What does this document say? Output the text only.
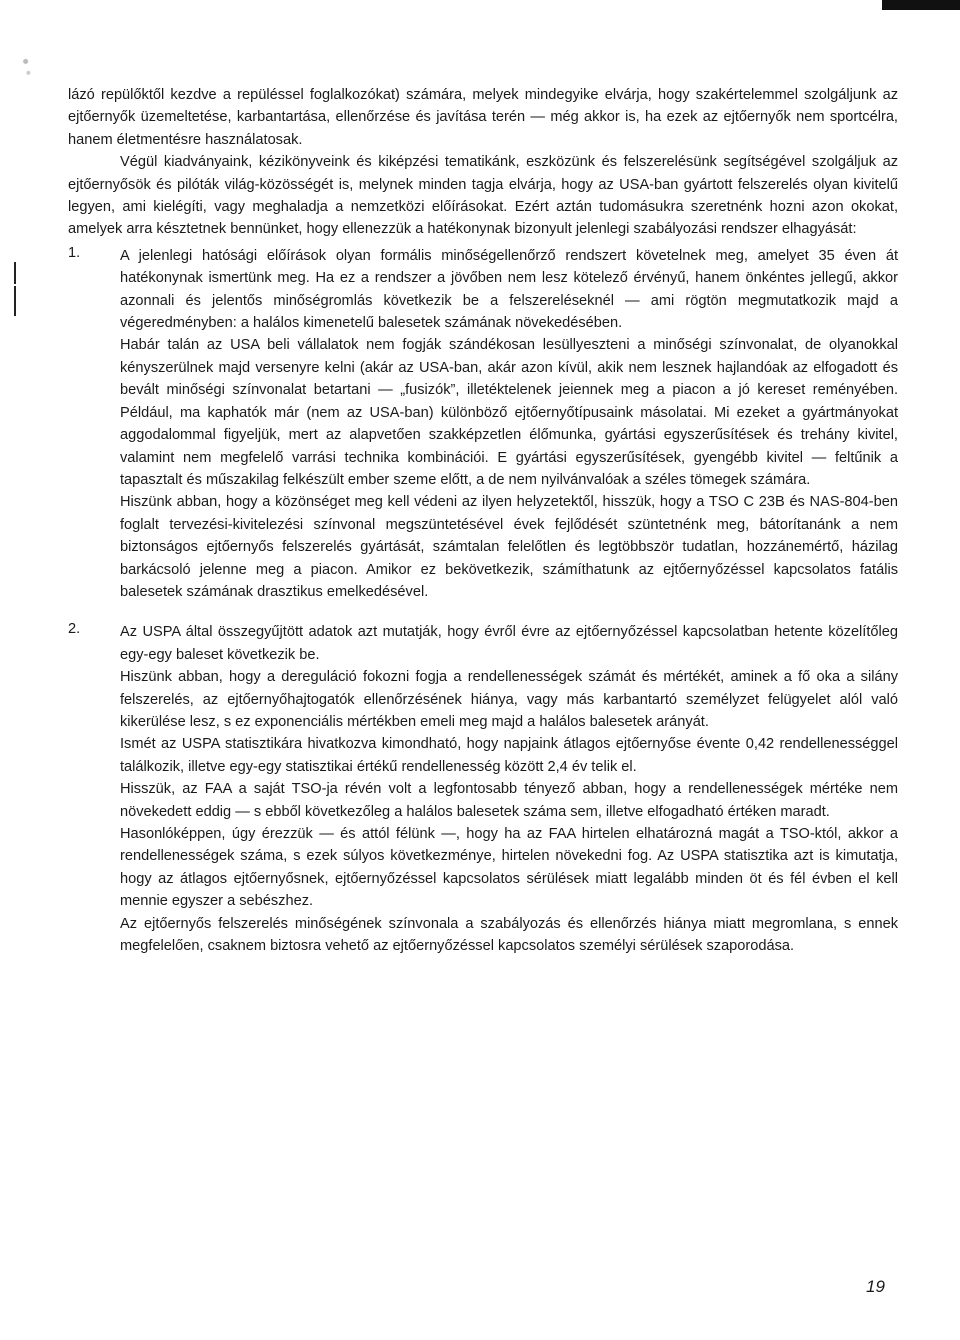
lázó repülőktől kezdve a repüléssel foglalkozókat) számára, melyek mindegyike elvárja, hogy szakértelemmel szolgáljunk az ejtőernyők üzemeltetése, karbantartása, ellenőrzése és javítása terén — még akkor is, ha ezek az ejtőernyők nem sportcélra, hanem életmentésre használatosak.

Végül kiadványaink, kézikönyveink és kiképzési tematikánk, eszközünk és felszerelésünk segítségével szolgáljuk az ejtőernyősök és pilóták világ-közösségét is, melynek minden tagja elvárja, hogy az USA-ban gyártott felszerelés olyan kivitelű legyen, ami kielégíti, vagy meghaladja a nemzetközi előírásokat. Ezért aztán tudomásukra szeretnénk hozni azon okokat, amelyek arra késztetnek bennünket, hogy ellenezzük a hatékonynak bizonyult jelenlegi szabályozási rendszer elhagyását:

1.	A jelenlegi hatósági előírások olyan formális minőségellenőrző rendszert követelnek meg, amelyet 35 éven át hatékonynak ismertünk meg. Ha ez a rendszer a jövőben nem lesz kötelező érvényű, hanem önkéntes jellegű, akkor azonnali és jelentős minőségromlás következik be a felszereléseknél — ami rögtön megmutatkozik majd a végeredményben: a halálos kimenetelű balesetek számának növekedésében.

Habár talán az USA beli vállalatok nem fogják szándékosan lesüllyeszteni a minőségi színvonalat, de olyanokkal kényszerülnek majd versenyre kelni (akár az USA-ban, akár azon kívül, akik nem lesznek hajlandóak az elfogadott és bevált minőségi színvonalat betartani — „fusizók”, illetéktelenek jeiennek meg a piacon a jó kereset reményében. Például, ma kaphatók már (nem az USA-ban) különböző ejtőernyőtípusaink másolatai. Mi ezeket a gyártmányokat aggodalommal figyeljük, mert az alapvetően szakképzetlen élőmunka, gyártási egyszerűsítések és trehány kivitel, valamint nem megfelelő varrási technika kombinációi. E gyártási egyszerűsítések, gyengébb kivitel — feltűnik a tapasztalt és műszakilag felkészült ember szeme előtt, a de nem nyilvánvalóak a széles tömegek számára.

Hiszünk abban, hogy a közönséget meg kell védeni az ilyen helyzetektől, hisszük, hogy a TSO C 23B és NAS-804-ben foglalt tervezési-kivitelezési színvonal megszüntetésével évek fejlődését szüntetnénk meg, bátorítanánk a nem biztonságos ejtőernyős felszerelés gyártását, számtalan felelőtlen és legtöbbször tudatlan, hozzánemértő, házilag barkácsoló jelenne meg a piacon. Amikor ez bekövetkezik, számíthatunk az ejtőernyőzéssel kapcsolatos fatális balesetek számának drasztikus emelkedésével.

2.	Az USPA által összegyűjtött adatok azt mutatják, hogy évről évre az ejtőernyőzéssel kapcsolatban hetente közelítőleg egy-egy baleset következik be.

Hiszünk abban, hogy a dereguláció fokozni fogja a rendellenességek számát és mértékét, aminek a fő oka a silány felszerelés, az ejtőernyőhajtogatók ellenőrzésének hiánya, vagy más karbantartó személyzet felügyelet alól való kikerülése lesz, s ez exponenciális mértékben emeli meg majd a halálos balesetek arányát.

Ismét az USPA statisztikára hivatkozva kimondható, hogy napjaink átlagos ejtőernyőse évente 0,42 rendellenességgel találkozik, illetve egy-egy statisztikai értékű rendellenesség között 2,4 év telik el.

Hisszük, az FAA a saját TSO-ja révén volt a legfontosabb tényező abban, hogy a rendellenességek mértéke nem növekedett eddig — s ebből következőleg a halálos balesetek száma sem, illetve elfogadható értéken maradt.

Hasonlóképpen, úgy érezzük — és attól félünk —, hogy ha az FAA hirtelen elhatározná magát a TSO-któl, akkor a rendellenességek száma, s ezek súlyos következménye, hirtelen növekedni fog. Az USPA statisztika azt is kimutatja, hogy az átlagos ejtőernyősnek, ejtőernyőzéssel kapcsolatos sérülések miatt legalább minden öt és fél évben el kell mennie egyszer a sebészhez.

Az ejtőernyős felszerelés minőségének színvonala a szabályozás és ellenőrzés hiánya miatt megromlana, s ennek megfelelően, csaknem biztosra vehető az ejtőernyőzéssel kapcsolatos személyi sérülések szaporodása.

19
